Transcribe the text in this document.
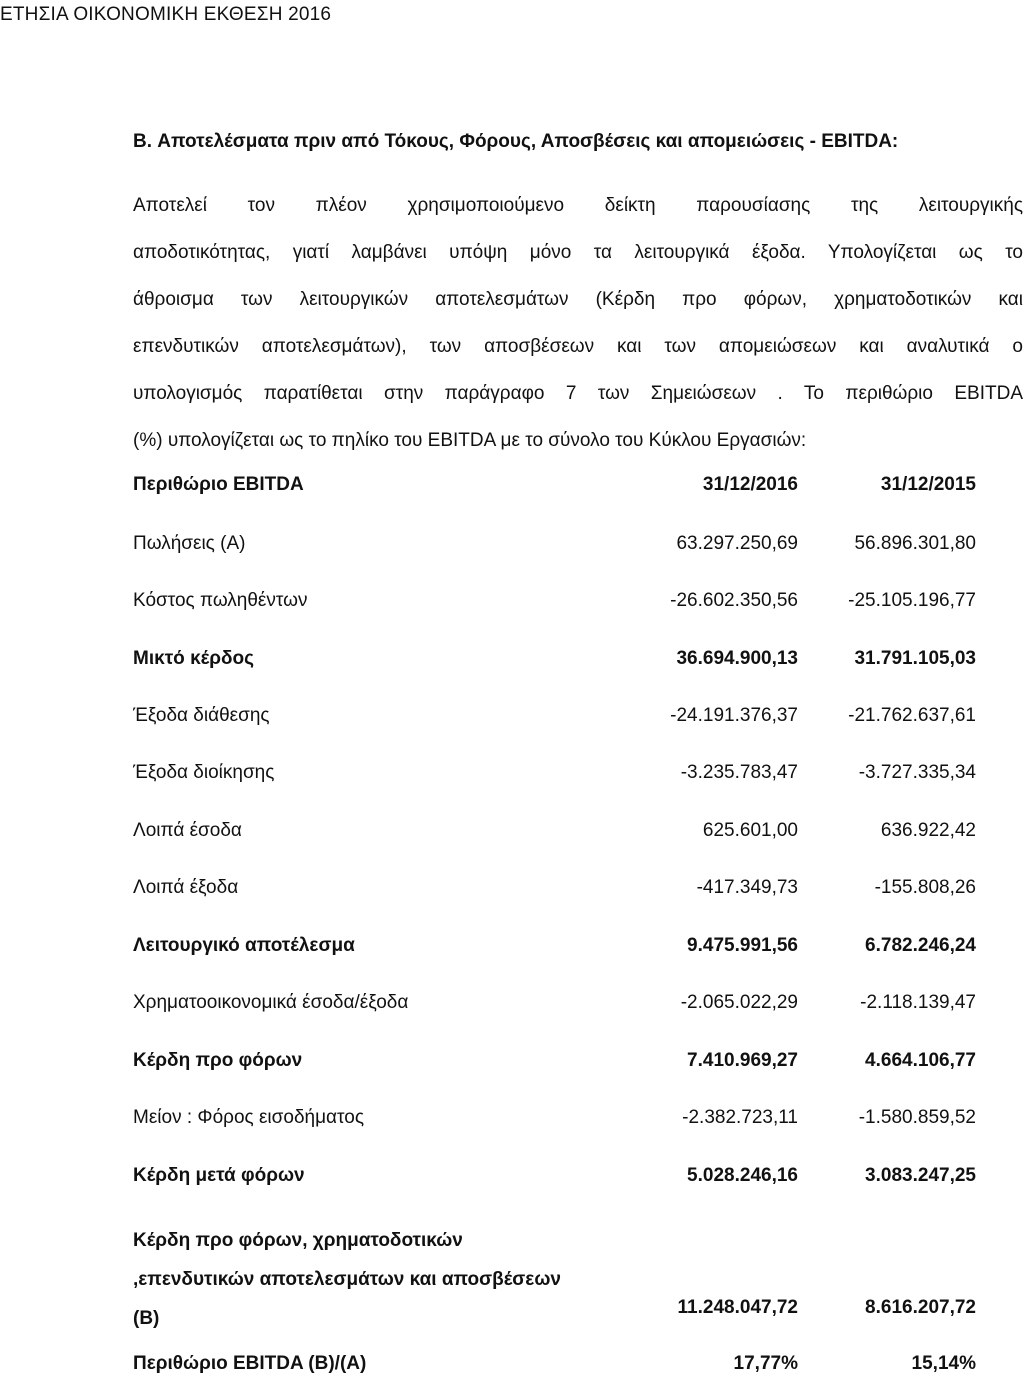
ΕΤΗΣΙΑ ΟΙΚΟΝΟΜΙΚΗ ΕΚΘΕΣΗ 2016
B. Αποτελέσματα πριν από Τόκους, Φόρους, Αποσβέσεις και απομειώσεις - EBITDA:
Αποτελεί τον πλέον χρησιμοποιούμενο δείκτη παρουσίασης της λειτουργικής
αποδοτικότητας, γιατί λαμβάνει υπόψη μόνο τα λειτουργικά έξοδα. Υπολογίζεται ως το
άθροισμα των λειτουργικών αποτελεσμάτων (Κέρδη προ φόρων, χρηματοδοτικών και
επενδυτικών αποτελεσμάτων), των αποσβέσεων και των απομειώσεων και αναλυτικά ο
υπολογισμός παρατίθεται στην παράγραφο 7 των Σημειώσεων . Το περιθώριο EBITDA
(%) υπολογίζεται ως το πηλίκο του EBITDA με το σύνολο του Κύκλου Εργασιών:
Περιθώριο EBITDA	31/12/2016	31/12/2015
Πωλήσεις (Α)	63.297.250,69	56.896.301,80
Κόστος πωληθέντων	-26.602.350,56	-25.105.196,77
Μικτό κέρδος	36.694.900,13	31.791.105,03
Έξοδα διάθεσης	-24.191.376,37	-21.762.637,61
Έξοδα διοίκησης	-3.235.783,47	-3.727.335,34
Λοιπά έσοδα	625.601,00	636.922,42
Λοιπά έξοδα	-417.349,73	-155.808,26
Λειτουργικό αποτέλεσμα	9.475.991,56	6.782.246,24
Χρηματοοικονομικά έσοδα/έξοδα	-2.065.022,29	-2.118.139,47
Κέρδη προ φόρων	7.410.969,27	4.664.106,77
Μείον : Φόρος εισοδήματος	-2.382.723,11	-1.580.859,52
Κέρδη μετά φόρων	5.028.246,16	3.083.247,25
Κέρδη προ φόρων, χρηματοδοτικών
,επενδυτικών αποτελεσμάτων και αποσβέσεων
(Β)
11.248.047,72	8.616.207,72
Περιθώριο EBITDA (Β)/(Α)	17,77%	15,14%
